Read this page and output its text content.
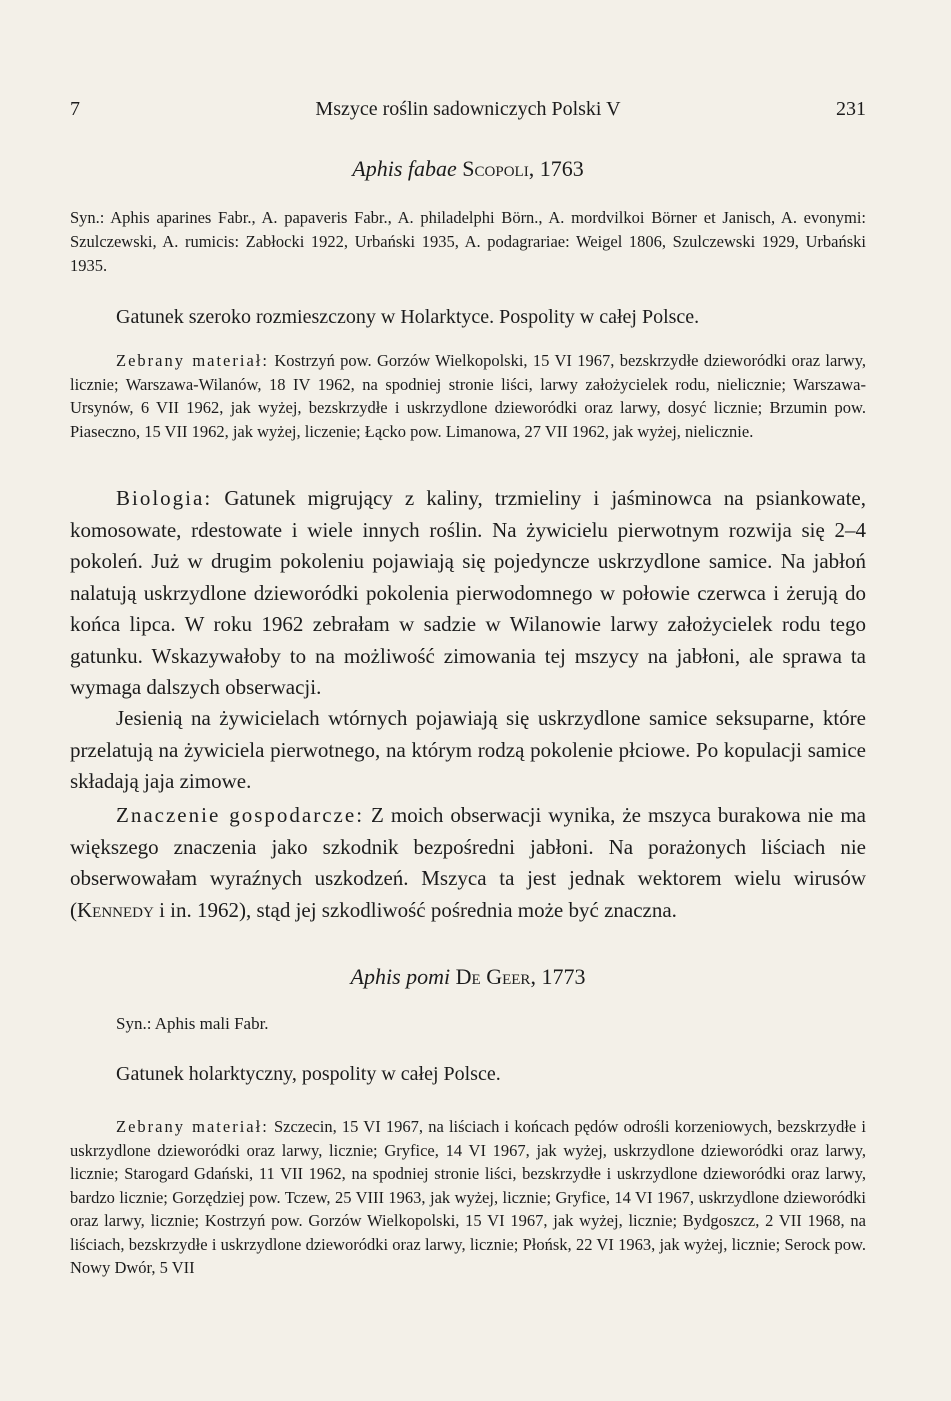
7	Mszyce roślin sadowniczych Polski V	231
Aphis fabae Scopoli, 1763
Syn.: Aphis aparines Fabr., A. papaveris Fabr., A. philadelphi Börn., A. mordvilkoi Börner et Janisch, A. evonymi: Szulczewski, A. rumicis: Zabłocki 1922, Urbański 1935, A. podagrariae: Weigel 1806, Szulczewski 1929, Urbański 1935.
Gatunek szeroko rozmieszczony w Holarktyce. Pospolity w całej Polsce.
Zebrany materiał: Kostrzyń pow. Gorzów Wielkopolski, 15 VI 1967, bezskrzydłe dzieworódki oraz larwy, licznie; Warszawa-Wilanów, 18 IV 1962, na spodniej stronie liści, larwy założycielek rodu, nielicznie; Warszawa-Ursynów, 6 VII 1962, jak wyżej, bezskrzydłe i uskrzydlone dzieworódki oraz larwy, dosyć licznie; Brzumin pow. Piaseczno, 15 VII 1962, jak wyżej, liczenie; Łącko pow. Limanowa, 27 VII 1962, jak wyżej, nielicznie.
Biologia: Gatunek migrujący z kaliny, trzmieliny i jaśminowca na psiankowate, komosowate, rdestowate i wiele innych roślin. Na żywicielu pierwotnym rozwija się 2–4 pokoleń. Już w drugim pokoleniu pojawiają się pojedyncze uskrzydlone samice. Na jabłoń nalatują uskrzydlone dzieworódki pokolenia pierwodomnego w połowie czerwca i żerują do końca lipca. W roku 1962 zebrałam w sadzie w Wilanowie larwy założycielek rodu tego gatunku. Wskazywałoby to na możliwość zimowania tej mszycy na jabłoni, ale sprawa ta wymaga dalszych obserwacji.
Jesienią na żywicielach wtórnych pojawiają się uskrzydlone samice seksuparne, które przelatują na żywiciela pierwotnego, na którym rodzą pokolenie płciowe. Po kopulacji samice składają jaja zimowe.
Znaczenie gospodarcze: Z moich obserwacji wynika, że mszyca burakowa nie ma większego znaczenia jako szkodnik bezpośredni jabłoni. Na porażonych liściach nie obserwowałam wyraźnych uszkodzeń. Mszyca ta jest jednak wektorem wielu wirusów (Kennedy i in. 1962), stąd jej szkodliwość pośrednia może być znaczna.
Aphis pomi De Geer, 1773
Syn.: Aphis mali Fabr.
Gatunek holarktyczny, pospolity w całej Polsce.
Zebrany materiał: Szczecin, 15 VI 1967, na liściach i końcach pędów odrośli korzeniowych, bezskrzydłe i uskrzydlone dzieworódki oraz larwy, licznie; Gryfice, 14 VI 1967, jak wyżej, uskrzydlone dzieworódki oraz larwy, licznie; Starogard Gdański, 11 VII 1962, na spodniej stronie liści, bezskrzydłe i uskrzydlone dzieworódki oraz larwy, bardzo licznie; Gorzędziej pow. Tczew, 25 VIII 1963, jak wyżej, licznie; Gryfice, 14 VI 1967, uskrzydlone dzieworódki oraz larwy, licznie; Kostrzyń pow. Gorzów Wielkopolski, 15 VI 1967, jak wyżej, licznie; Bydgoszcz, 2 VII 1968, na liściach, bezskrzydłe i uskrzydlone dzieworódki oraz larwy, licznie; Płońsk, 22 VI 1963, jak wyżej, licznie; Serock pow. Nowy Dwór, 5 VII
